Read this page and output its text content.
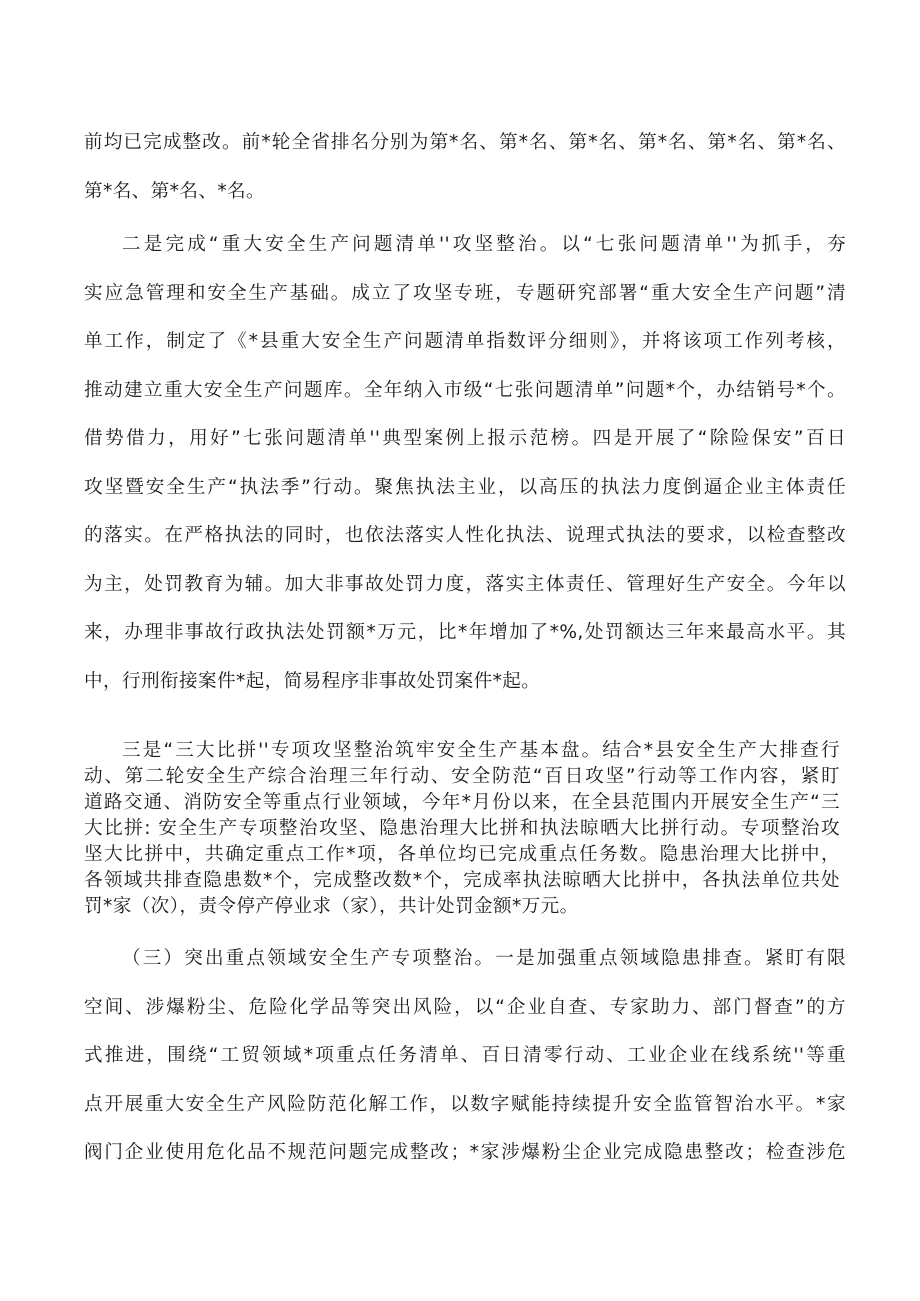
前均已完成整改。前*轮全省排名分别为第*名、第*名、第*名、第*名、第*名、第*名、
第*名、第*名、*名。
二是完成“重大安全生产问题清单''攻坚整治。以“七张问题清单''为抓手，夯
实应急管理和安全生产基础。成立了攻坚专班，专题研究部署“重大安全生产问题”清
单工作，制定了《*县重大安全生产问题清单指数评分细则》，并将该项工作列考核，
推动建立重大安全生产问题库。全年纳入市级“七张问题清单”问题*个，办结销号*个。
借势借力，用好”七张问题清单''典型案例上报示范榜。四是开展了“除险保安”百日
攻坚暨安全生产“执法季”行动。聚焦执法主业，以高压的执法力度倒逼企业主体责任
的落实。在严格执法的同时，也依法落实人性化执法、说理式执法的要求，以检查整改
为主，处罚教育为辅。加大非事故处罚力度，落实主体责任、管理好生产安全。今年以
来，办理非事故行政执法处罚额*万元，比*年增加了*%,处罚额达三年来最高水平。其
中，行刑衔接案件*起，简易程序非事故处罚案件*起。
三是“三大比拼''专项攻坚整治筑牢安全生产基本盘。结合*县安全生产大排查行
动、第二轮安全生产综合治理三年行动、安全防范“百日攻坚”行动等工作内容，紧盯
道路交通、消防安全等重点行业领域，今年*月份以来，在全县范围内开展安全生产“三
大比拼: 安全生产专项整治攻坚、隐患治理大比拼和执法晾晒大比拼行动。专项整治攻
坚大比拼中，共确定重点工作*项，各单位均已完成重点任务数。隐患治理大比拼中，
各领域共排查隐患数*个，完成整改数*个，完成率执法晾晒大比拼中，各执法单位共处
罚*家（次），责令停产停业求（家），共计处罚金额*万元。
（三）突出重点领域安全生产专项整治。一是加强重点领域隐患排查。紧盯有限
空间、涉爆粉尘、危险化学品等突出风险，以“企业自查、专家助力、部门督查”的方
式推进，围绕“工贸领域*项重点任务清单、百日清零行动、工业企业在线系统''等重
点开展重大安全生产风险防范化解工作，以数字赋能持续提升安全监管智治水平。*家
阀门企业使用危化品不规范问题完成整改；*家涉爆粉尘企业完成隐患整改；检查涉危
